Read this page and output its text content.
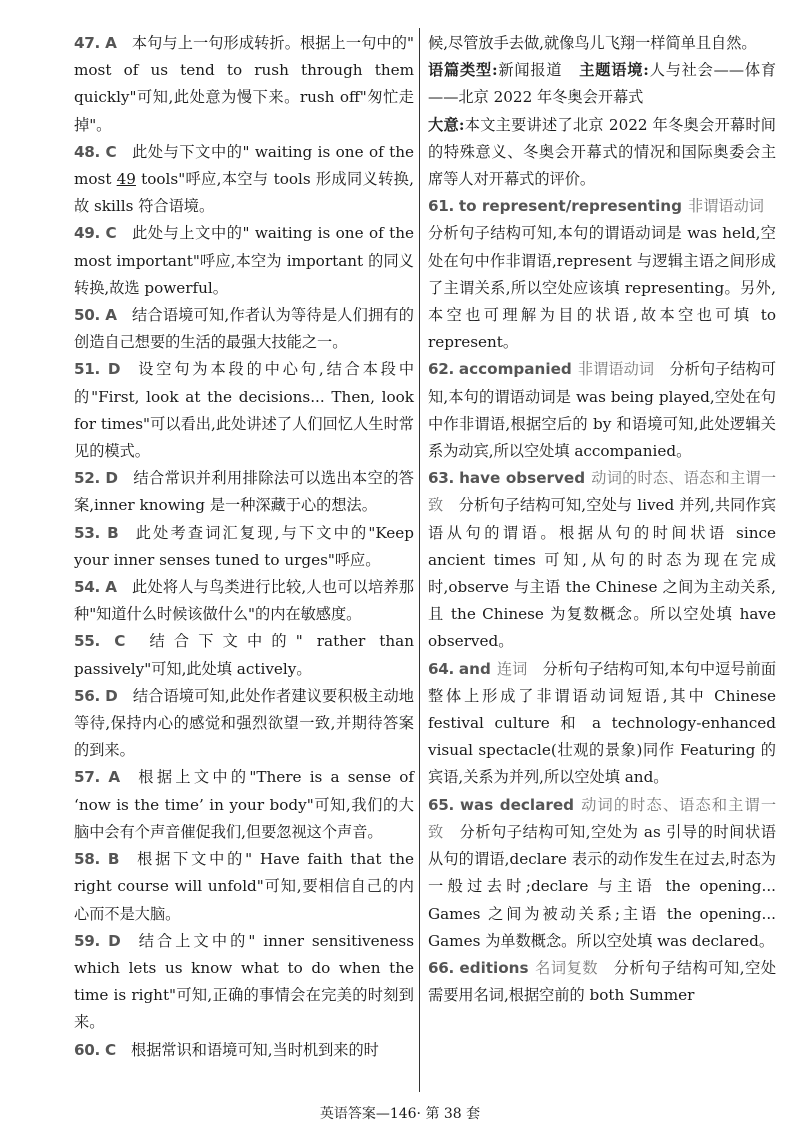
47. A  本句与上一句形成转折。根据上一句中的" most of us tend to rush through them quickly"可知,此处意为慢下来。rush off"匆忙走掉"。
48. C  此处与下文中的" waiting is one of the most 49 tools"呼应,本空与 tools 形成同义转换,故 skills 符合语境。
49. C  此处与上文中的" waiting is one of the most important"呼应,本空为 important 的同义转换,故选 powerful。
50. A  结合语境可知,作者认为等待是人们拥有的创造自己想要的生活的最强大技能之一。
51. D  设空句为本段的中心句,结合本段中的"First, look at the decisions... Then, look for times"可以看出,此处讲述了人们回忆人生时常见的模式。
52. D  结合常识并利用排除法可以选出本空的答案,inner knowing 是一种深藏于心的想法。
53. B  此处考查词汇复现,与下文中的"Keep your inner senses tuned to urges"呼应。
54. A  此处将人与鸟类进行比较,人也可以培养那种"知道什么时候该做什么"的内在敏感度。
55. C  结合下文中的" rather than passively"可知,此处填 actively。
56. D  结合语境可知,此处作者建议要积极主动地等待,保持内心的感觉和强烈欲望一致,并期待答案的到来。
57. A  根据上文中的"There is a sense of ‘now is the time’ in your body"可知,我们的大脑中会有个声音催促我们,但要忽视这个声音。
58. B  根据下文中的" Have faith that the right course will unfold"可知,要相信自己的内心而不是大脑。
59. D  结合上文中的" inner sensitiveness which lets us know what to do when the time is right"可知,正确的事情会在完美的时刻到来。
60. C  根据常识和语境可知,当时机到来的时
候,尽管放手去做,就像鸟儿飞翔一样简单且自然。
语篇类型:新闻报道 主题语境:人与社会——体育——北京 2022 年冬奥会开幕式
大意:本文主要讲述了北京 2022 年冬奥会开幕时间的特殊意义、冬奥会开幕式的情况和国际奥委会主席等人对开幕式的评价。
61. to represent/representing 非谓语动词
分析句子结构可知,本句的谓语动词是 was held,空处在句中作非谓语,represent 与逻辑主语之间形成了主谓关系,所以空处应该填 representing。另外,本空也可理解为目的状语,故本空也可填 to represent。
62. accompanied 非谓语动词  分析句子结构可知,本句的谓语动词是 was being played,空处在句中作非谓语,根据空后的 by 和语境可知,此处逻辑关系为动宾,所以空处填 accompanied。
63. have observed 动词的时态、语态和主谓一致  分析句子结构可知,空处与 lived 并列,共同作宾语从句的谓语。根据从句的时间状语 since ancient times 可知,从句的时态为现在完成时,observe 与主语 the Chinese 之间为主动关系,且 the Chinese 为复数概念。所以空处填 have observed。
64. and 连词  分析句子结构可知,本句中逗号前面整体上形成了非谓语动词短语,其中 Chinese festival culture 和 a technology-enhanced visual spectacle(壮观的景象)同作 Featuring 的宾语,关系为并列,所以空处填 and。
65. was declared 动词的时态、语态和主谓一致  分析句子结构可知,空处为 as 引导的时间状语从句的谓语,declare 表示的动作发生在过去,时态为一般过去时;declare 与主语 the opening... Games 之间为被动关系;主语 the opening... Games 为单数概念。所以空处填 was declared。
66. editions 名词复数  分析句子结构可知,空处需要用名词,根据空前的 both Summer
英语答案—146· 第 38 套
